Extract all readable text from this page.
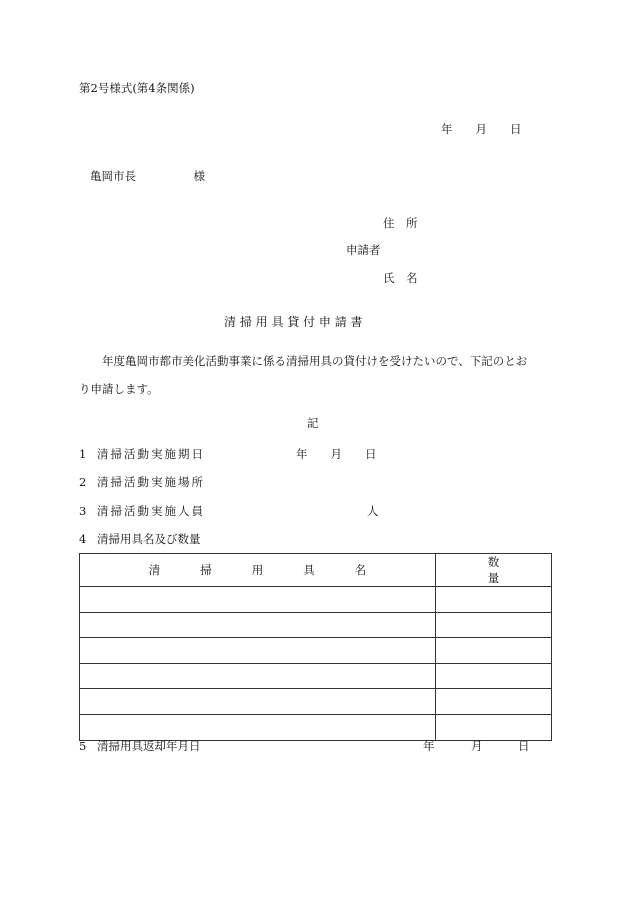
第2号様式(第4条関係)
年　　月　　日
亀岡市長　　　　　様
住　所
申請者
氏　名
清 掃 用 具 貸 付 申 請 書
　　年度亀岡市都市美化活動事業に係る清掃用具の貸付けを受けたいので、下記のとお
り申請します。
記
1 清掃活動実施期日	年　　月　　日
2 清掃活動実施場所
3 清掃活動実施人員	人
4 清掃用具名及び数量
清掃用具名	数量

5 清掃用具返却年月日	年	月	日
